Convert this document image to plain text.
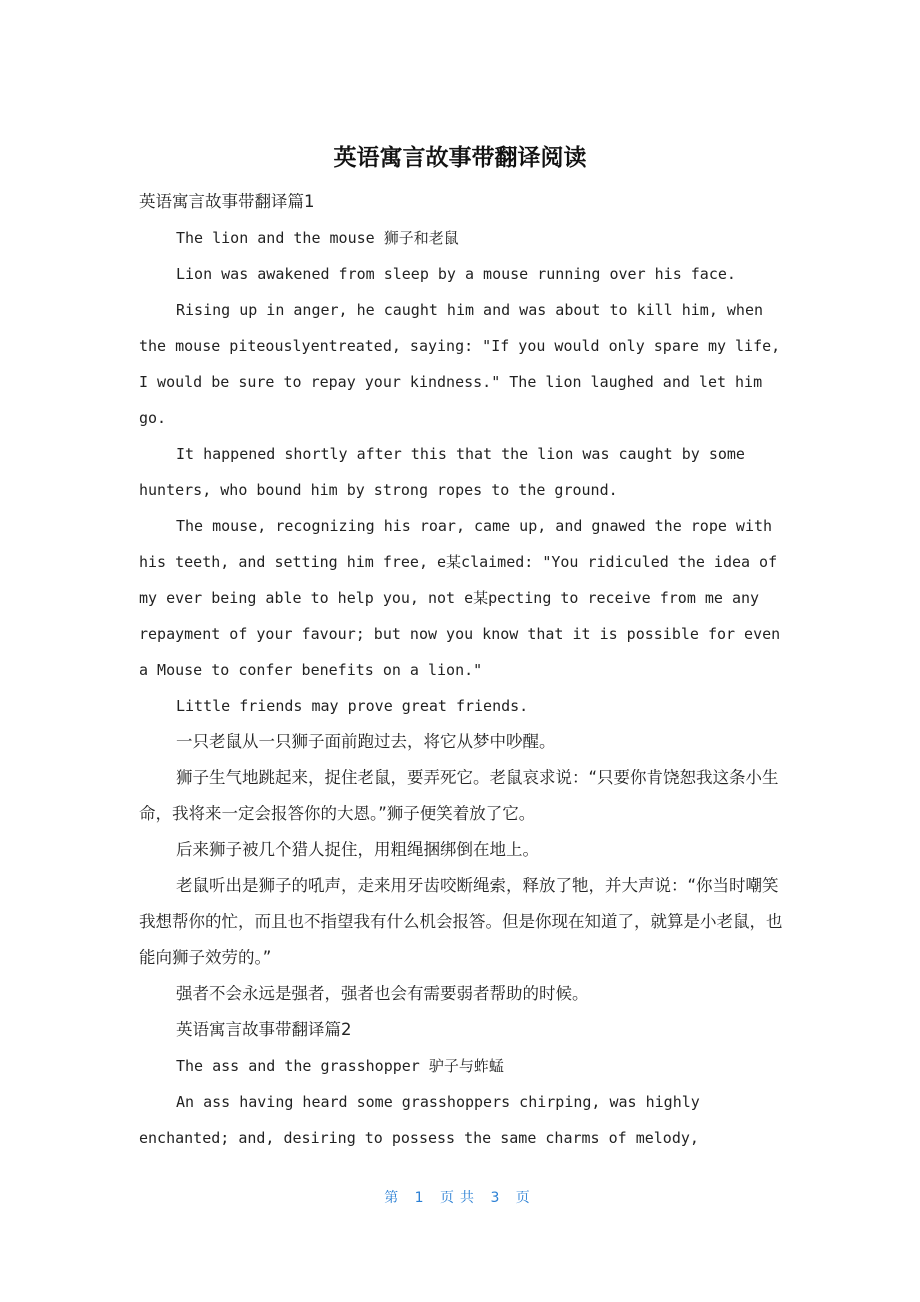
英语寓言故事带翻译阅读

英语寓言故事带翻译篇1

The lion and the mouse 狮子和老鼠

Lion was awakened from sleep by a mouse running over his face.

Rising up in anger, he caught him and was about to kill him, when the mouse piteouslyentreated, saying: "If you would only spare my life, I would be sure to repay your kindness." The lion laughed and let him go.

It happened shortly after this that the lion was caught by some hunters, who bound him by strong ropes to the ground.

The mouse, recognizing his roar, came up, and gnawed the rope with his teeth, and setting him free, e某claimed: "You ridiculed the idea of my ever being able to help you, not e某pecting to receive from me any repayment of your favour; but now you know that it is possible for even a Mouse to confer benefits on a lion."

Little friends may prove great friends.

一只老鼠从一只狮子面前跑过去，将它从梦中吵醒。

狮子生气地跳起来，捉住老鼠，要弄死它。老鼠哀求说：“只要你肯饶恕我这条小生命，我将来一定会报答你的大恩。”狮子便笑着放了它。

后来狮子被几个猎人捉住，用粗绳捆绑倒在地上。

老鼠听出是狮子的吼声，走来用牙齿咬断绳索，释放了牠，并大声说：“你当时嘲笑我想帮你的忙，而且也不指望我有什么机会报答。但是你现在知道了，就算是小老鼠，也能向狮子效劳的。”

强者不会永远是强者，强者也会有需要弱者帮助的时候。

英语寓言故事带翻译篇2

The ass and the grasshopper 驴子与蚱蜢

An ass having heard some grasshoppers chirping, was highly enchanted; and, desiring to possess the same charms of melody,

第 1 页共 3 页
